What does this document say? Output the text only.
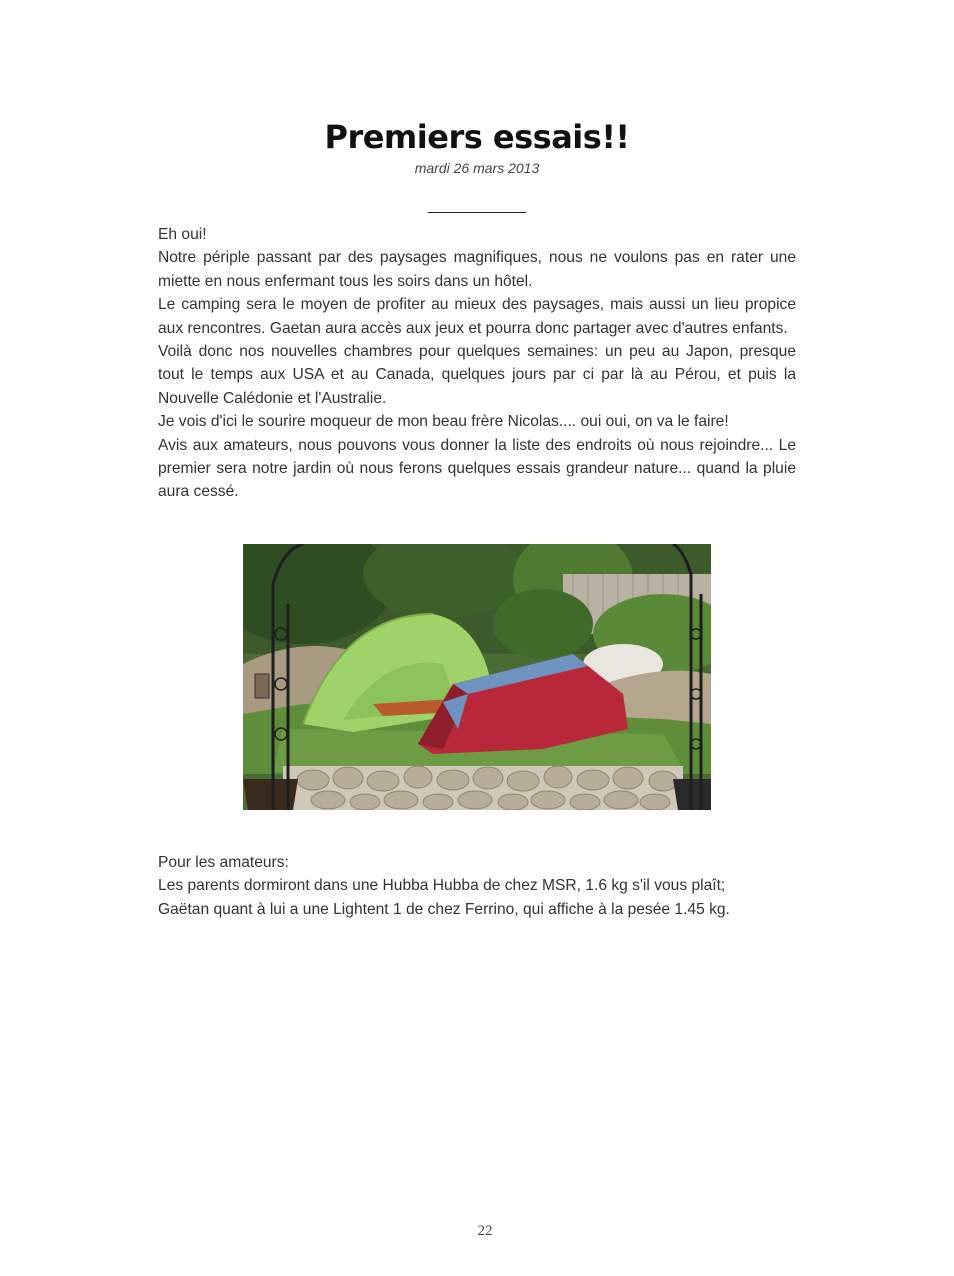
Premiers essais!!
mardi 26 mars 2013
___________

Eh oui!

Notre périple passant par des paysages magnifiques, nous ne voulons pas en rater une miette en nous enfermant tous les soirs dans un hôtel.

Le camping sera le moyen de profiter au mieux des paysages, mais aussi un lieu propice aux rencontres. Gaetan aura accès aux jeux et pourra donc partager avec d'autres enfants.

Voilà donc nos nouvelles chambres pour quelques semaines: un peu au Japon, presque tout le temps aux USA et au Canada, quelques jours par ci par là au Pérou, et puis la Nouvelle Calédonie et l'Australie.

Je vois d'ici le sourire moqueur de mon beau frère Nicolas.... oui oui, on va le faire!

Avis aux amateurs, nous pouvons vous donner la liste des endroits où nous rejoindre... Le premier sera notre jardin où nous ferons quelques essais grandeur nature... quand la pluie aura cessé.

Pour les amateurs:

Les parents dormiront dans une Hubba Hubba de chez MSR, 1.6 kg s'il vous plaît;

Gaëtan quant à lui a une Lightent 1 de chez Ferrino, qui affiche à la pesée 1.45 kg.

22
